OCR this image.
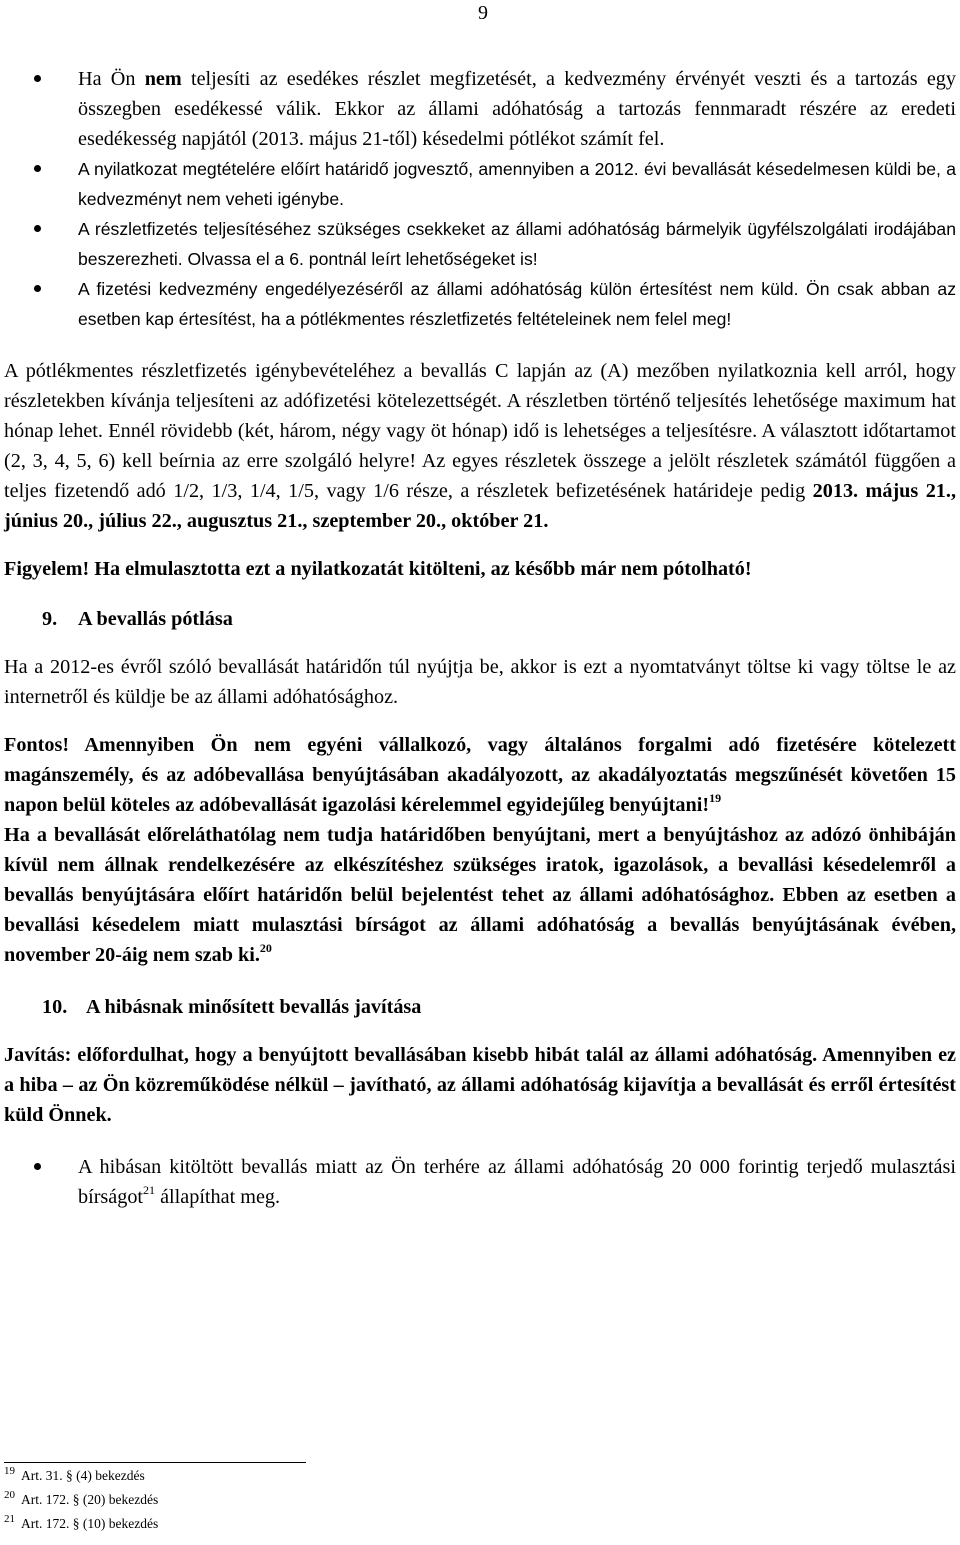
9
Ha Ön nem teljesíti az esedékes részlet megfizetését, a kedvezmény érvényét veszti és a tartozás egy összegben esedékessé válik. Ekkor az állami adóhatóság a tartozás fennmaradt részére az eredeti esedékesség napjától (2013. május 21-től) késedelmi pótlékot számít fel.
A nyilatkozat megtételére előírt határidő jogvesztő, amennyiben a 2012. évi bevallását késedelmesen küldi be, a kedvezményt nem veheti igénybe.
A részletfizetés teljesítéséhez szükséges csekkeket az állami adóhatóság bármelyik ügyfélszolgálati irodájában beszerezheti. Olvassa el a 6. pontnál leírt lehetőségeket is!
A fizetési kedvezmény engedélyezéséről az állami adóhatóság külön értesítést nem küld. Ön csak abban az esetben kap értesítést, ha a pótlékmentes részletfizetés feltételeinek nem felel meg!

A pótlékmentes részletfizetés igénybevételéhez a bevallás C lapján az (A) mezőben nyilatkoznia kell arról, hogy részletekben kívánja teljesíteni az adófizetési kötelezettségét. A részletben történő teljesítés lehetősége maximum hat hónap lehet. Ennél rövidebb (két, három, négy vagy öt hónap) idő is lehetséges a teljesítésre. A választott időtartamot (2, 3, 4, 5, 6) kell beírnia az erre szolgáló helyre! Az egyes részletek összege a jelölt részletek számától függően a teljes fizetendő adó 1/2, 1/3, 1/4, 1/5, vagy 1/6 része, a részletek befizetésének határideje pedig 2013. május 21., június 20., július 22., augusztus 21., szeptember 20., október 21.

Figyelem! Ha elmulasztotta ezt a nyilatkozatát kitölteni, az később már nem pótolható!

9. A bevallás pótlása

Ha a 2012-es évről szóló bevallását határidőn túl nyújtja be, akkor is ezt a nyomtatványt töltse ki vagy töltse le az internetről és küldje be az állami adóhatósághoz.

Fontos! Amennyiben Ön nem egyéni vállalkozó, vagy általános forgalmi adó fizetésére kötelezett magánszemély, és az adóbevallása benyújtásában akadályozott, az akadályoztatás megszűnését követően 15 napon belül köteles az adóbevallását igazolási kérelemmel egyidejűleg benyújtani!$^{19}$

Ha a bevallását előreláthatólag nem tudja határidőben benyújtani, mert a benyújtáshoz az adózó önhibáján kívül nem állnak rendelkezésére az elkészítéshez szükséges iratok, igazolások, a bevallási késedelemről a bevallás benyújtására előírt határidőn belül bejelentést tehet az állami adóhatósághoz. Ebben az esetben a bevallási késedelem miatt mulasztási bírságot az állami adóhatóság a bevallás benyújtásának évében, november 20-áig nem szab ki.$^{20}$

10. A hibásnak minősített bevallás javítása

Javítás: előfordulhat, hogy a benyújtott bevallásában kisebb hibát talál az állami adóhatóság. Amennyiben ez a hiba – az Ön közreműködése nélkül – javítható, az állami adóhatóság kijavítja a bevallását és erről értesítést küld Önnek.

A hibásan kitöltött bevallás miatt az Ön terhére az állami adóhatóság 20 000 forintig terjedő mulasztási bírságot$^{21}$ állapíthat meg.
$^{19}$ Art. 31. § (4) bekezdés
$^{20}$ Art. 172. § (20) bekezdés
$^{21}$ Art. 172. § (10) bekezdés
